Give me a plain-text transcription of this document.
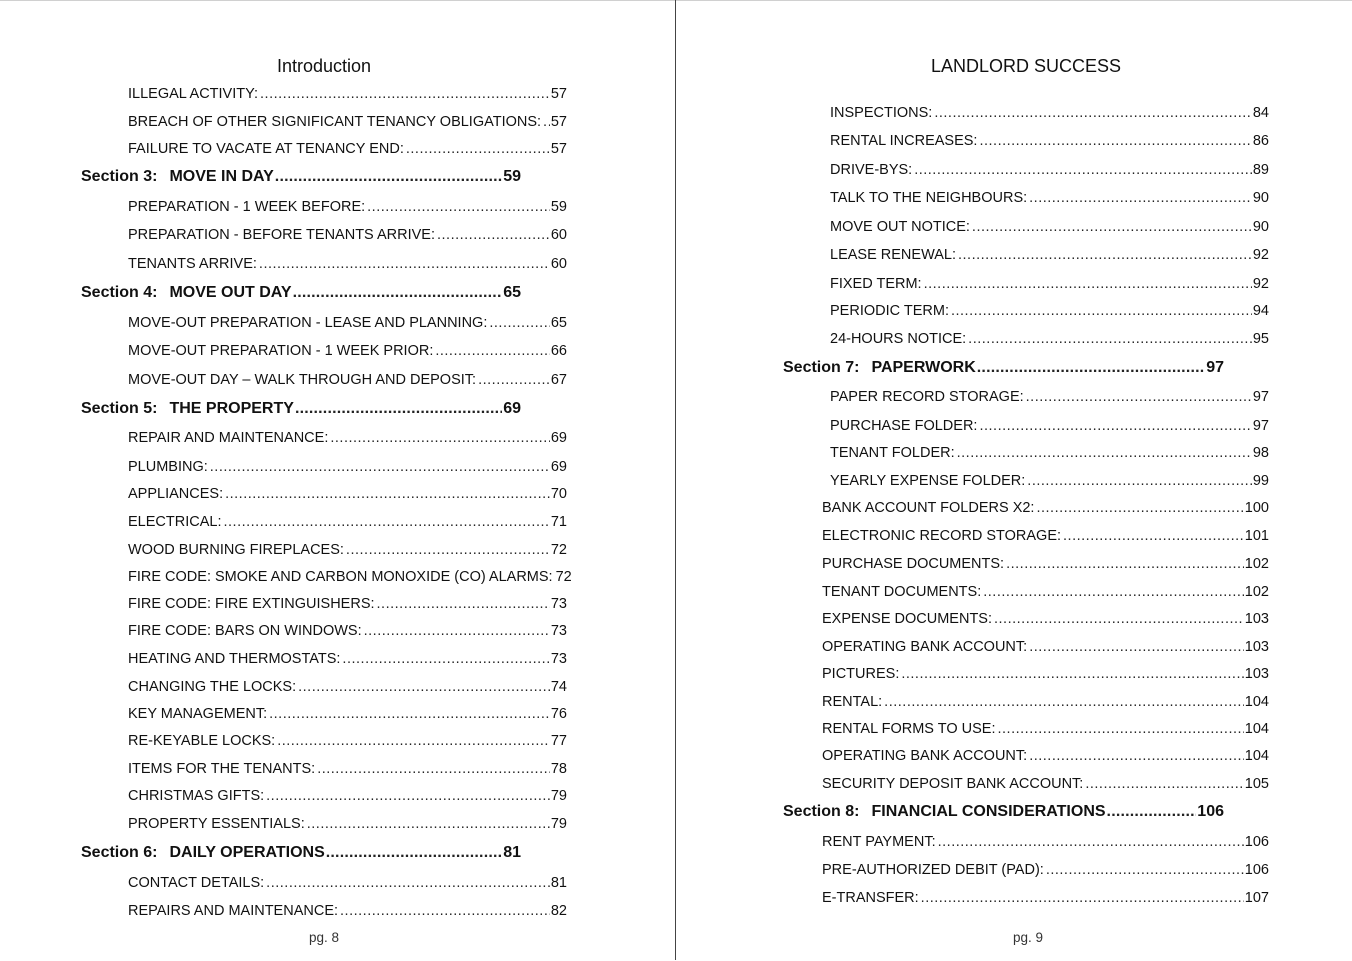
Introduction
ILLEGAL ACTIVITY: .....	57
BREACH OF OTHER SIGNIFICANT TENANCY OBLIGATIONS: ..... 57
FAILURE TO VACATE AT TENANCY END: .....	57
Section 3: MOVE IN DAY .....	59
PREPARATION - 1 WEEK BEFORE: .....	59
PREPARATION - BEFORE TENANTS ARRIVE: .....	60
TENANTS ARRIVE: .....	60
Section 4: MOVE OUT DAY .....	65
MOVE-OUT PREPARATION - LEASE AND PLANNING: .....	65
MOVE-OUT PREPARATION - 1 WEEK PRIOR: .....	66
MOVE-OUT DAY – WALK THROUGH AND DEPOSIT: .....	67
Section 5: THE PROPERTY .....	69
REPAIR AND MAINTENANCE: .....	69
PLUMBING: .....	69
APPLIANCES: .....	70
ELECTRICAL: .....	71
WOOD BURNING FIREPLACES: .....	72
FIRE CODE: SMOKE AND CARBON MONOXIDE (CO) ALARMS: 72
FIRE CODE: FIRE EXTINGUISHERS: .....	73
FIRE CODE: BARS ON WINDOWS: .....	73
HEATING AND THERMOSTATS: .....	73
CHANGING THE LOCKS: .....	74
KEY MANAGEMENT: .....	76
RE-KEYABLE LOCKS: .....	77
ITEMS FOR THE TENANTS: .....	78
CHRISTMAS GIFTS: .....	79
PROPERTY ESSENTIALS: .....	79
Section 6: DAILY OPERATIONS .....	81
CONTACT DETAILS: .....	81
REPAIRS AND MAINTENANCE: .....	82
pg. 8
LANDLORD SUCCESS
INSPECTIONS: .....	84
RENTAL INCREASES: .....	86
DRIVE-BYS: .....	89
TALK TO THE NEIGHBOURS: .....	90
MOVE OUT NOTICE: .....	90
LEASE RENEWAL: .....	92
FIXED TERM: .....	92
PERIODIC TERM: .....	94
24-HOURS NOTICE: .....	95
Section 7: PAPERWORK .....	97
PAPER RECORD STORAGE: .....	97
PURCHASE FOLDER: .....	97
TENANT FOLDER: .....	98
YEARLY EXPENSE FOLDER: .....	99
BANK ACCOUNT FOLDERS X2: .....	100
ELECTRONIC RECORD STORAGE: .....	101
PURCHASE DOCUMENTS: .....	102
TENANT DOCUMENTS: .....	102
EXPENSE DOCUMENTS: .....	103
OPERATING BANK ACCOUNT: .....	103
PICTURES: .....	103
RENTAL: .....	104
RENTAL FORMS TO USE: .....	104
OPERATING BANK ACCOUNT: .....	104
SECURITY DEPOSIT BANK ACCOUNT: .....	105
Section 8: FINANCIAL CONSIDERATIONS .....	106
RENT PAYMENT: .....	106
PRE-AUTHORIZED DEBIT (PAD): .....	106
E-TRANSFER: .....	107
pg. 9
